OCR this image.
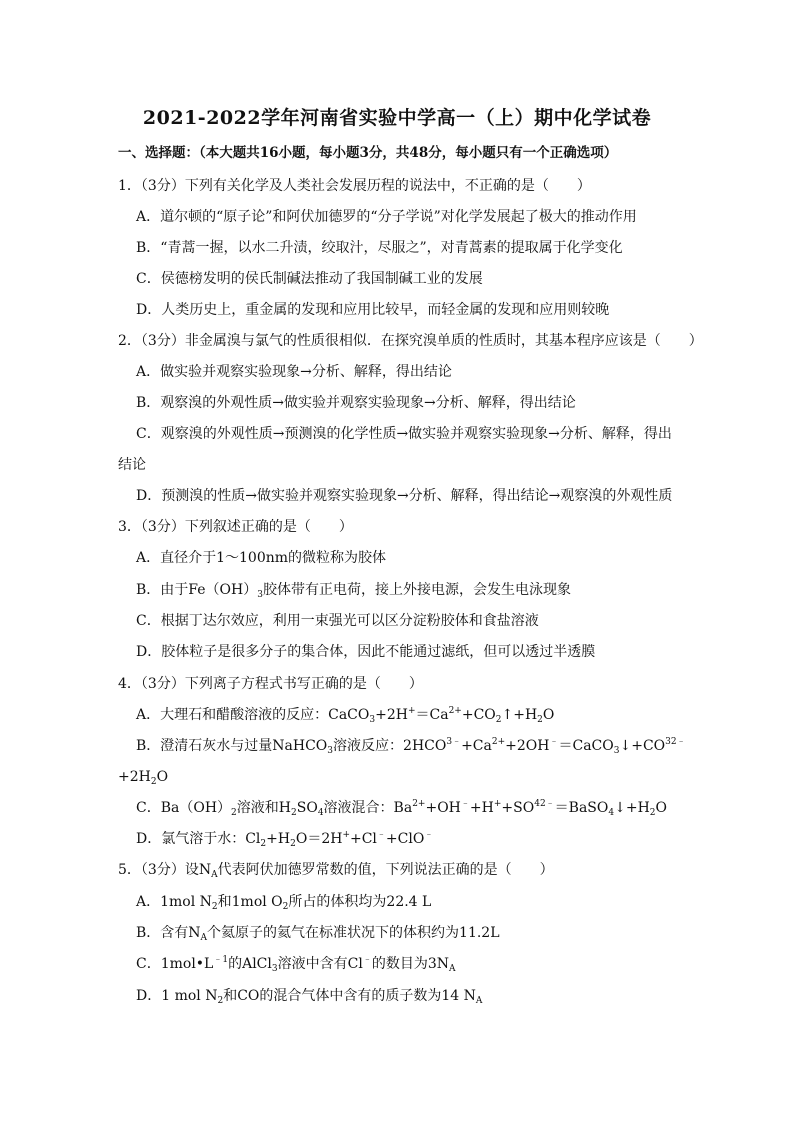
2021-2022学年河南省实验中学高一（上）期中化学试卷
一、选择题：（本大题共16小题，每小题3分，共48分，每小题只有一个正确选项）
1．（3分）下列有关化学及人类社会发展历程的说法中，不正确的是（　　）
A．道尔顿的“原子论”和阿伏加德罗的“分子学说”对化学发展起了极大的推动作用
B．“青蒿一握，以水二升渍，绞取汁，尽服之”，对青蒿素的提取属于化学变化
C．侯德榜发明的侯氏制碱法推动了我国制碱工业的发展
D．人类历史上，重金属的发现和应用比较早，而轻金属的发现和应用则较晚
2．（3分）非金属溴与氯气的性质很相似．在探究溴单质的性质时，其基本程序应该是（　　）
A．做实验并观察实验现象→分析、解释，得出结论
B．观察溴的外观性质→做实验并观察实验现象→分析、解释，得出结论
C．观察溴的外观性质→预测溴的化学性质→做实验并观察实验现象→分析、解释，得出
结论
D．预测溴的性质→做实验并观察实验现象→分析、解释，得出结论→观察溴的外观性质
3．（3分）下列叙述正确的是（　　）
A．直径介于1～100nm的微粒称为胶体
B．由于$Fe(OH)_3$胶体带有正电荷，接上外接电源，会发生电泳现象
C．根据丁达尔效应，利用一束强光可以区分淀粉胶体和食盐溶液
D．胶体粒子是很多分子的集合体，因此不能通过滤纸，但可以透过半透膜
4．（3分）下列离子方程式书写正确的是（　　）
A．大理石和醋酸溶液的反应：$CaCO_3+2H^+=Ca^{2+}+CO_2↑+H_2O$
B．澄清石灰水与过量NaHCO$_3$溶液反应：$2HCO^{3﹣}+Ca^{2+}+2OH^﹣=CaCO_3↓+CO^{32﹣}$
$+2H_2O$
C．$Ba(OH)_2$溶液和$H_2SO_4$溶液混合：$Ba^{2+}+OH^﹣+H^++SO^{42﹣}=BaSO_4↓+H_2O$
D．氯气溶于水：$Cl_2+H_2O=2H^++Cl^﹣+ClO^﹣$
5．（3分）设$N_A$代表阿伏加德罗常数的值，下列说法正确的是（　　）
A．1mol $N_2$和1mol $O_2$所占的体积均为22.4 L
B．含有$N_A$个氦原子的氦气在标准状况下的体积约为11.2L
C．$1mol•L^{﹣1}$的AlCl$_3$溶液中含有Cl﹣的数目为$3N_A$
D．1 mol $N_2$和CO的混合气体中含有的质子数为14 $N_A$
